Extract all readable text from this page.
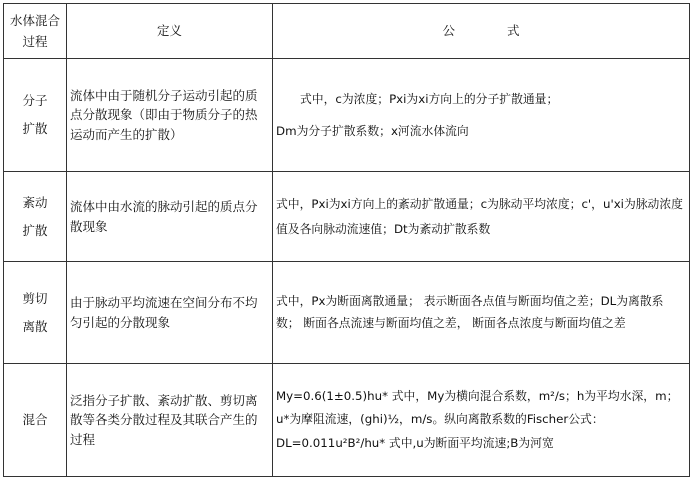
水体混合
过程	定义	公 式

分子
扩散	流体中由于随机分子运动引起的质点分散现象（即由于物质分子的热运动而产生的扩散）	式中，c为浓度；Pxi为xi方向上的分子扩散通量；
Dm为分子扩散系数；x河流水体流向

紊动
扩散	流体中由水流的脉动引起的质点分散现象	式中，Pxi为xi方向上的紊动扩散通量；c为脉动平均浓度；c'，u'xi为脉动浓度值及各向脉动流速值；Dt为紊动扩散系数

剪切
离散	由于脉动平均流速在空间分布不均匀引起的分散现象	式中，Px为断面离散通量； 表示断面各点值与断面均值之差；DL为离散系数； 断面各点流速与断面均值之差， 断面各点浓度与断面均值之差

混合	泛指分子扩散、紊动扩散、剪切离散等各类分散过程及其联合产生的过程	My=0.6(1±0.5)hu* 式中，My为横向混合系数，m²/s；h为平均水深，m；u*为摩阻流速，(ghi)½，m/s。纵向离散系数的Fischer公式：DL=0.011u²B²/hu* 式中,u为断面平均流速;B为河宽
